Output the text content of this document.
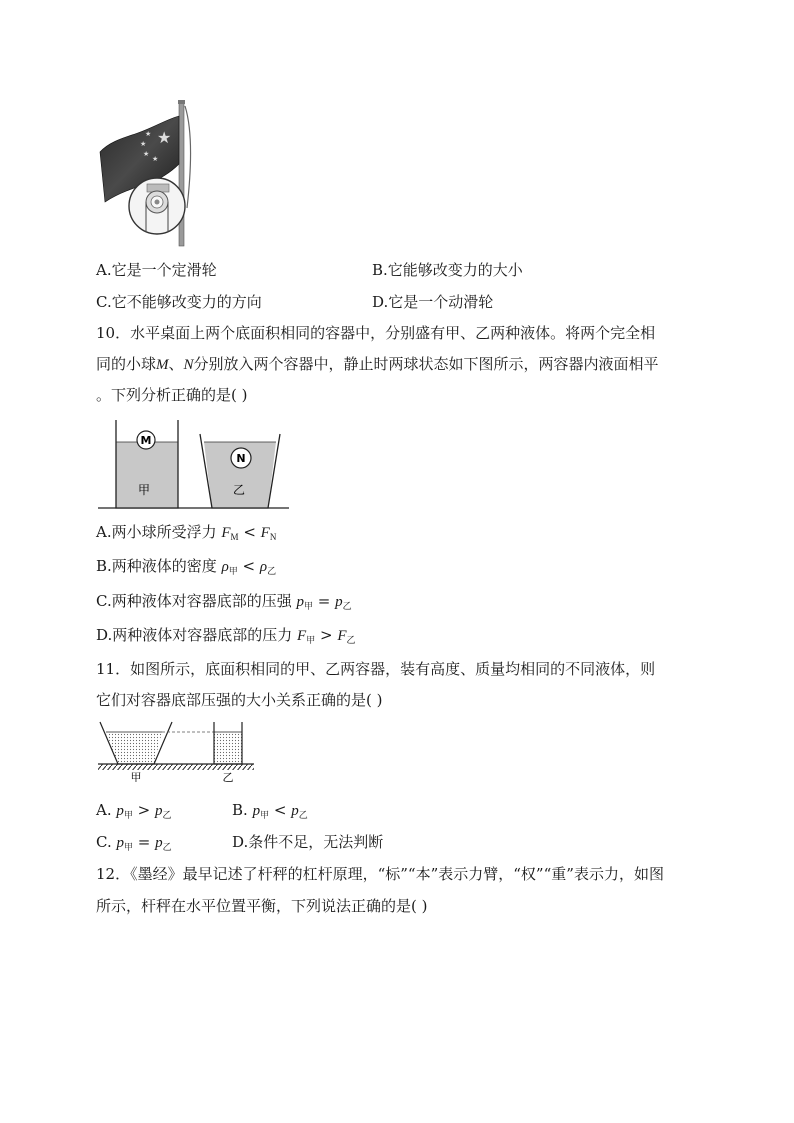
★
★
★
★
★
A.它是一个定滑轮	B.它能够改变力的大小
C.它不能够改变力的方向	D.它是一个动滑轮
10．水平桌面上两个底面积相同的容器中，分别盛有甲、乙两种液体。将两个完全相
同的小球M、N分别放入两个容器中，静止时两球状态如下图所示，两容器内液面相平
。下列分析正确的是( )
M
甲
N
乙
A.两小球所受浮力 $F_M < F_N$
B.两种液体的密度 $\rho_甲 < \rho_乙$
C.两种液体对容器底部的压强 $p_甲 = p_乙$
D.两种液体对容器底部的压力 $F_甲 > F_乙$
11．如图所示，底面积相同的甲、乙两容器，装有高度、质量均相同的不同液体，则
它们对容器底部压强的大小关系正确的是( )
甲	乙
A. $p_甲 > p_乙$	B. $p_甲 < p_乙$
C. $p_甲 = p_乙$	D.条件不足，无法判断
12．《墨经》最早记述了杆秤的杠杆原理，“标”“本”表示力臂，“权”“重”表示力，如图
所示，杆秤在水平位置平衡，下列说法正确的是( )
